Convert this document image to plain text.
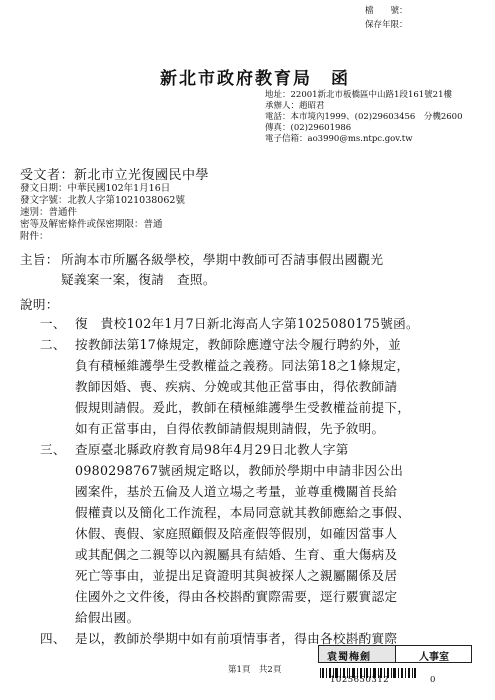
檔　　號：
保存年限：
新北市政府教育局　函
地址：22001新北市板橋區中山路1段161號21樓
承辦人：趙昭君
電話：本市境內1999、(02)29603456　分機2600
傳真：(02)29601986
電子信箱：ao3990@ms.ntpc.gov.tw
受文者：新北市立光復國民中學
發文日期：中華民國102年1月16日
發文字號：北教人字第1021038062號
速別：普通件
密等及解密條件或保密期限：普通
附件：
主旨： 所詢本市所屬各級學校，學期中教師可否請事假出國觀光
疑義案一案，復請　查照。
說明：
一、 復　貴校102年1月7日新北海高人字第1025080175號函。
二、 按教師法第17條規定，教師除應遵守法令履行聘約外，並
負有積極維護學生受教權益之義務。同法第18之1條規定，
教師因婚、喪、疾病、分娩或其他正當事由，得依教師請
假規則請假。爰此，教師在積極維護學生受教權益前提下，
如有正當事由，自得依教師請假規則請假，先予敘明。
三、 查原臺北縣政府教育局98年4月29日北教人字第
0980298767號函規定略以，教師於學期中申請非因公出
國案件，基於五倫及人道立場之考量，並尊重機關首長給
假權責以及簡化工作流程，本局同意就其教師應給之事假、
休假、喪假、家庭照顧假及陪產假等假別，如確因當事人
或其配偶之二親等以內親屬具有結婚、生育、重大傷病及
死亡等事由，並提出足資證明其與被探人之親屬關係及居
住國外之文件後，得由各校斟酌實際需要，逕行覈實認定
給假出國。
四、 是以，教師於學期中如有前項情事者，得由各校斟酌實際
袁蜀梅劍	人事室
第1頁　共2頁
1025650312	0
